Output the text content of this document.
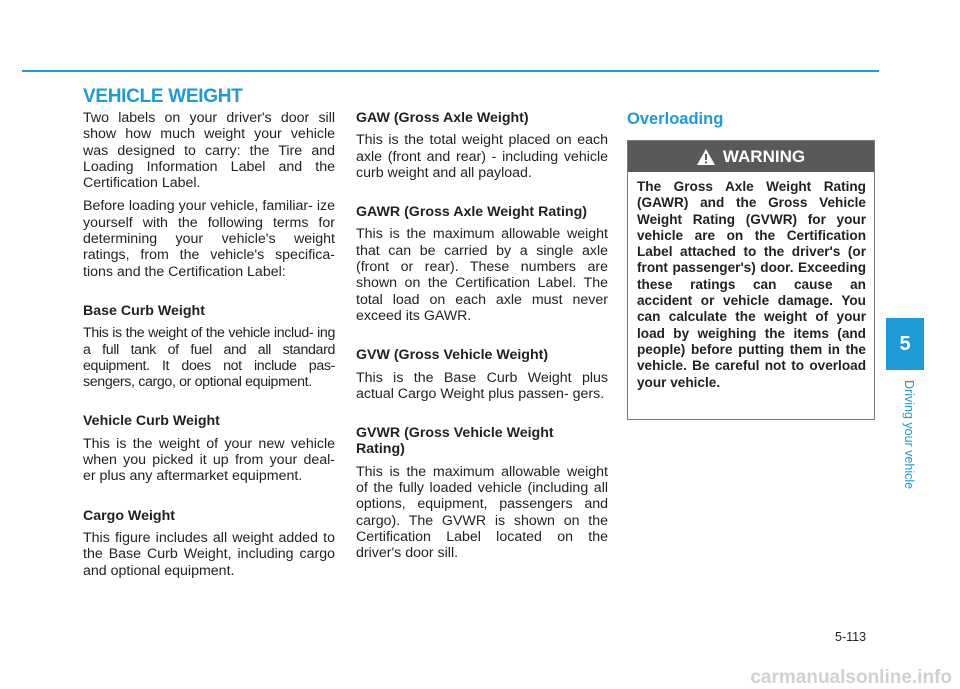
VEHICLE WEIGHT

Two labels on your driver's door sill show how much weight your vehicle was designed to carry: the Tire and Loading Information Label and the Certification Label.

Before loading your vehicle, familiar- ize yourself with the following terms for determining your vehicle's weight ratings, from the vehicle's specifica- tions and the Certification Label:

Base Curb Weight

This is the weight of the vehicle includ- ing a full tank of fuel and all standard equipment. It does not include pas- sengers, cargo, or optional equipment.

Vehicle Curb Weight

This is the weight of your new vehicle when you picked it up from your deal- er plus any aftermarket equipment.

Cargo Weight

This figure includes all weight added to the Base Curb Weight, including cargo and optional equipment.

GAW (Gross Axle Weight)

This is the total weight placed on each axle (front and rear) - including vehicle curb weight and all payload.

GAWR (Gross Axle Weight Rating)

This is the maximum allowable weight that can be carried by a single axle (front or rear). These numbers are shown on the Certification Label. The total load on each axle must never exceed its GAWR.

GVW (Gross Vehicle Weight)

This is the Base Curb Weight plus actual Cargo Weight plus passen- gers.

GVWR (Gross Vehicle Weight Rating)

This is the maximum allowable weight of the fully loaded vehicle (including all options, equipment, passengers and cargo). The GVWR is shown on the Certification Label located on the driver's door sill.

Overloading
WARNING

The Gross Axle Weight Rating (GAWR) and the Gross Vehicle Weight Rating (GVWR) for your vehicle are on the Certification Label attached to the driver's (or front passenger's) door. Exceeding these ratings can cause an accident or vehicle damage. You can calculate the weight of your load by weighing the items (and people) before putting them in the vehicle. Be careful not to overload your vehicle.

5
Driving your vehicle
5-113
carmanualsonline.info
